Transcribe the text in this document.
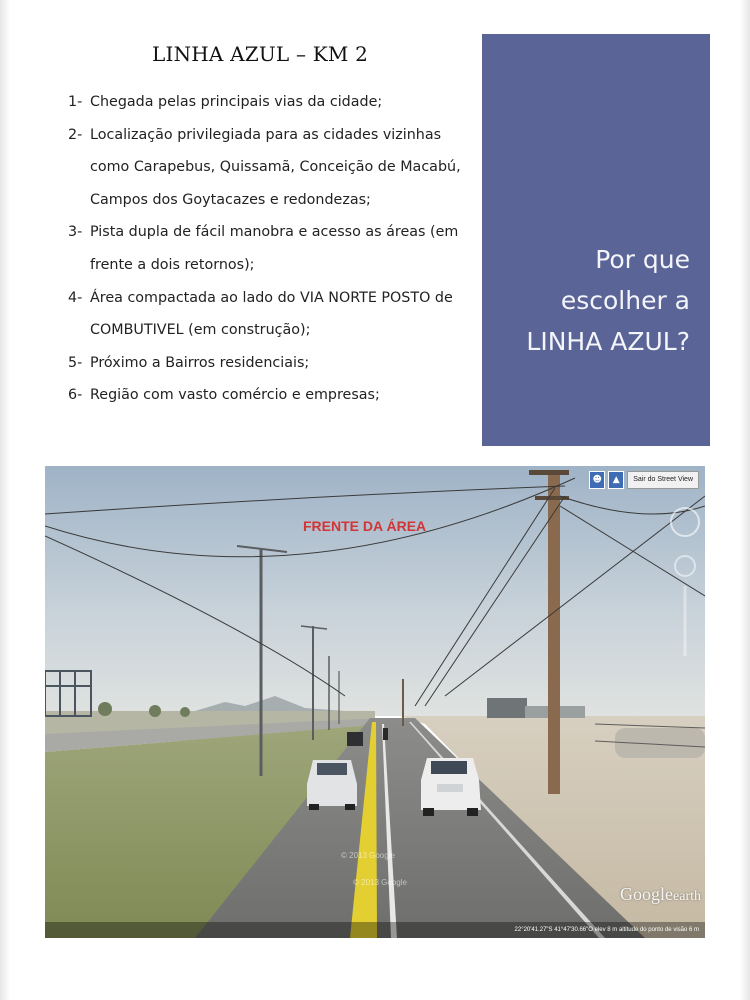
LINHA AZUL – KM 2
1- Chegada pelas principais vias da cidade;
2- Localização privilegiada para as cidades vizinhas como Carapebus, Quissamã, Conceição de Macabú, Campos dos Goytacazes e redondezas;
3- Pista dupla de fácil manobra e acesso as áreas (em frente a dois retornos);
4- Área compactada ao lado do VIA NORTE POSTO de COMBUTIVEL (em construção);
5- Próximo a Bairros residenciais;
6- Região com vasto comércio e empresas;
Por que
escolher a
LINHA AZUL?
FRENTE DA ÁREA
☻	▲	Sair do Street View
© 2013 Google
© 2013 Google
Googleearth
22°20'41.27"S 41°47'30.66"O elev 8 m altitude do ponto de visão 6 m
